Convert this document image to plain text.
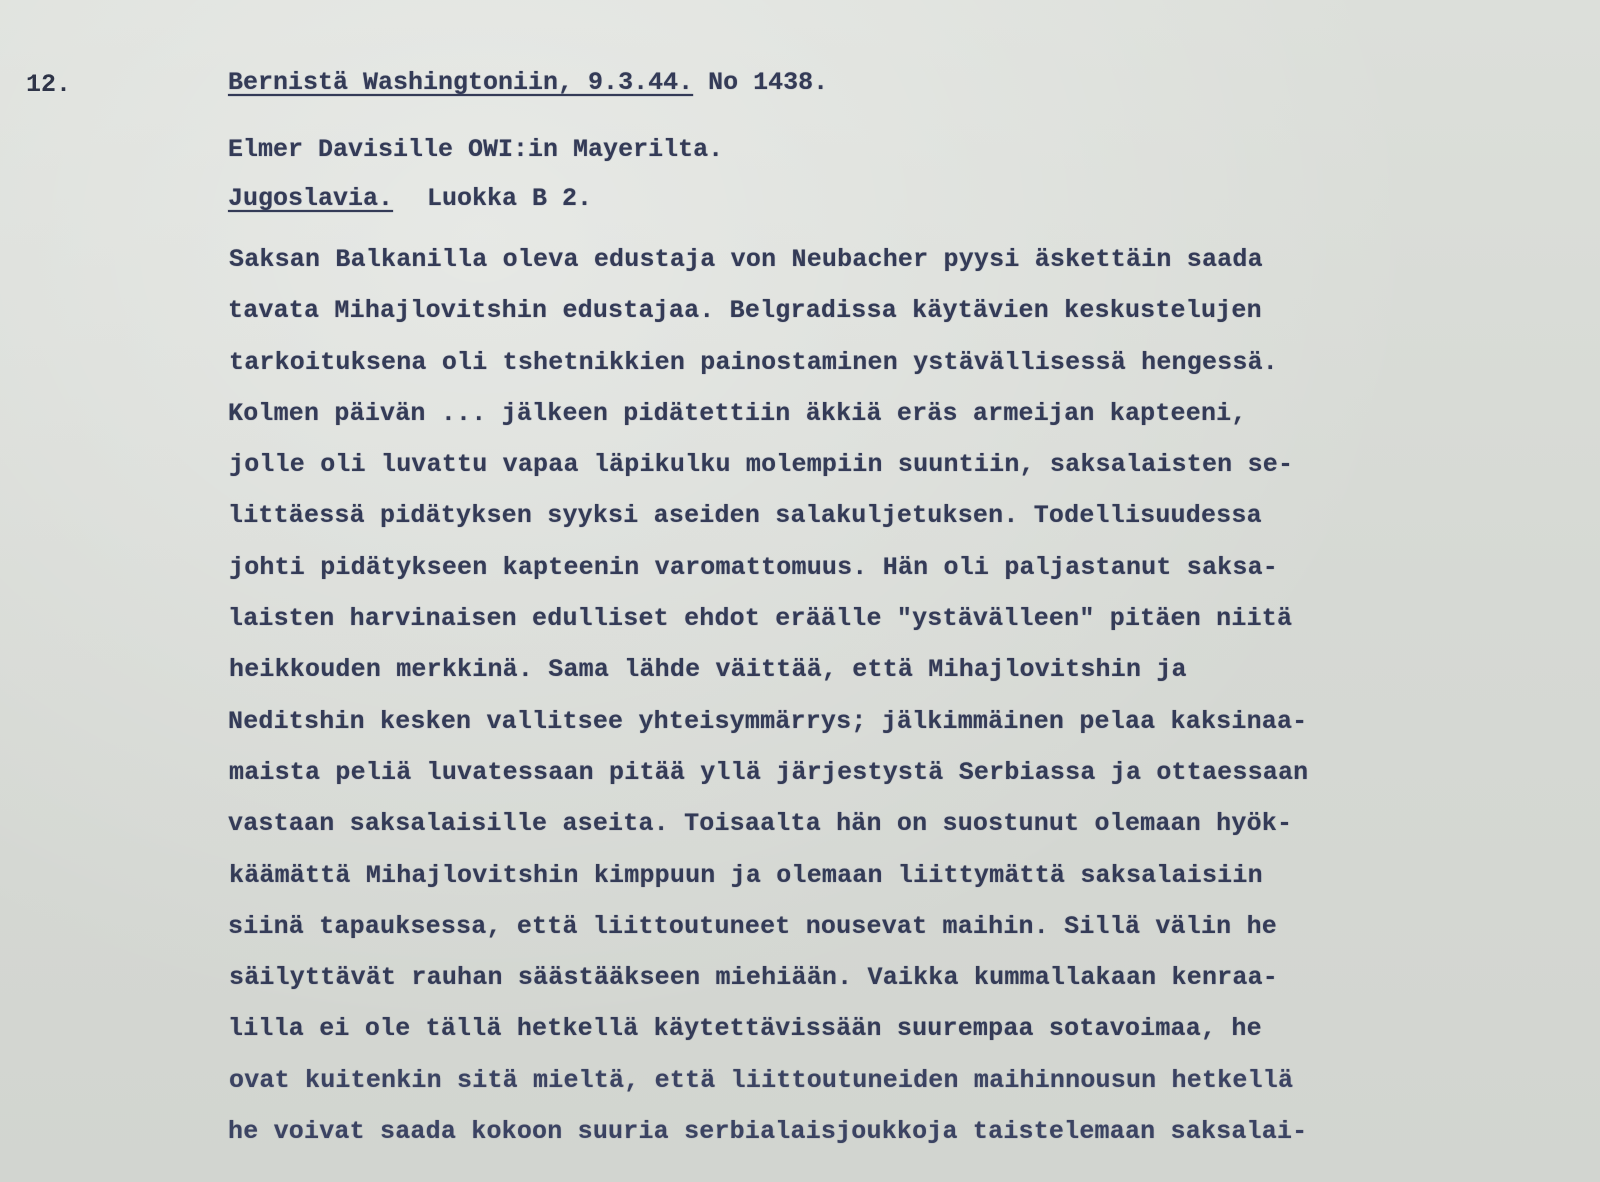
12.	Bernistä Washingtoniin, 9.3.44. No 1438.
Elmer Davisille OWI:in Mayerilta.
Jugoslavia. Luokka B 2.
Saksan Balkanilla oleva edustaja von Neubacher pyysi äskettäin saada
tavata Mihajlovitshin edustajaa. Belgradissa käytävien keskustelujen
tarkoituksena oli tshetnikkien painostaminen ystävällisessä hengessä.
Kolmen päivän ... jälkeen pidätettiin äkkiä eräs armeijan kapteeni,
jolle oli luvattu vapaa läpikulku molempiin suuntiin, saksalaisten se-
littäessä pidätyksen syyksi aseiden salakuljetuksen. Todellisuudessa
johti pidätykseen kapteenin varomattomuus. Hän oli paljastanut saksa-
laisten harvinaisen edulliset ehdot eräälle "ystävälleen" pitäen niitä
heikkouden merkkinä. Sama lähde väittää, että Mihajlovitshin ja
Neditshin kesken vallitsee yhteisymmärrys; jälkimmäinen pelaa kaksinaa-
maista peliä luvatessaan pitää yllä järjestystä Serbiassa ja ottaessaan
vastaan saksalaisille aseita. Toisaalta hän on suostunut olemaan hyök-
käämättä Mihajlovitshin kimppuun ja olemaan liittymättä saksalaisiin
siinä tapauksessa, että liittoutuneet nousevat maihin. Sillä välin he
säilyttävät rauhan säästääkseen miehiään. Vaikka kummallakaan kenraa-
lilla ei ole tällä hetkellä käytettävissään suurempaa sotavoimaa, he
ovat kuitenkin sitä mieltä, että liittoutuneiden maihinnousun hetkellä
he voivat saada kokoon suuria serbialaisjoukkoja taistelemaan saksalai-
